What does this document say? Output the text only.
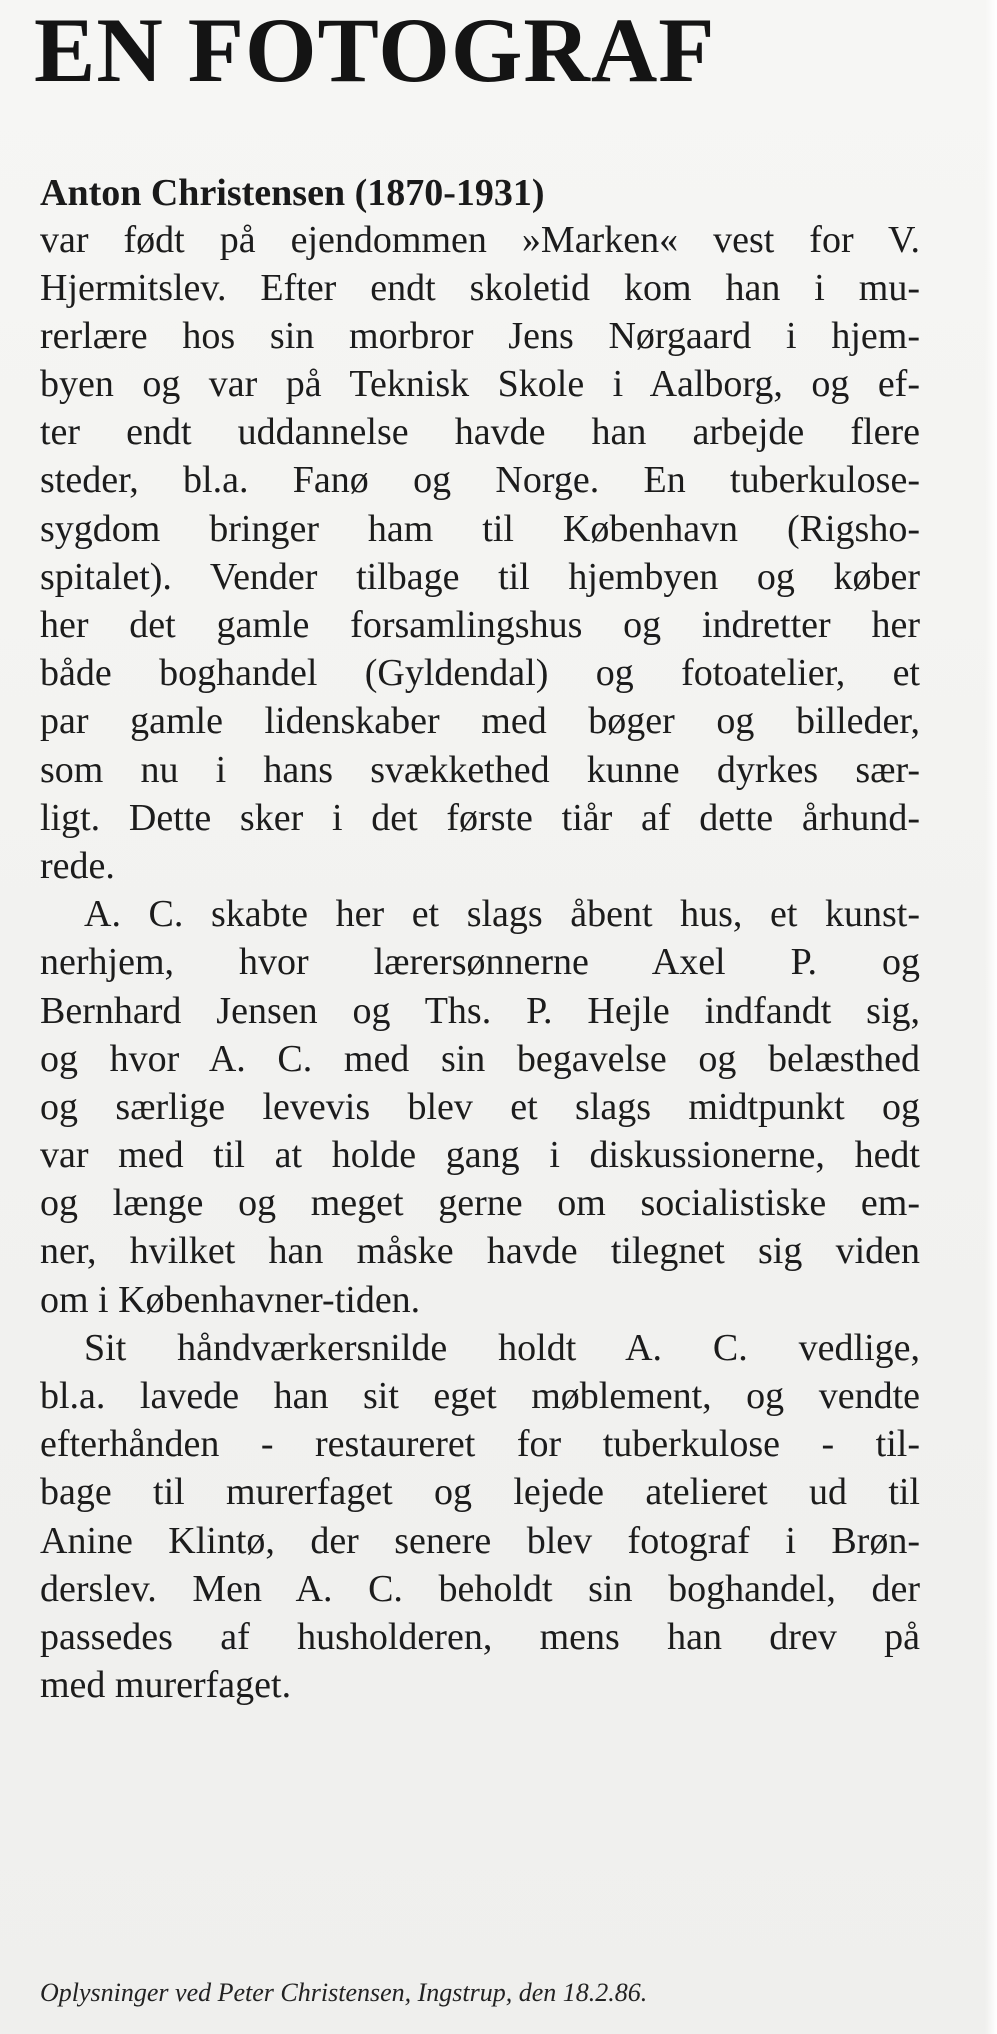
EN FOTOGRAF
Anton Christensen (1870-1931)
var født på ejendommen »Marken« vest for V.
Hjermitslev. Efter endt skoletid kom han i mu-
rerlære hos sin morbror Jens Nørgaard i hjem-
byen og var på Teknisk Skole i Aalborg, og ef-
ter endt uddannelse havde han arbejde flere
steder, bl.a. Fanø og Norge. En tuberkulose-
sygdom bringer ham til København (Rigsho-
spitalet). Vender tilbage til hjembyen og køber
her det gamle forsamlingshus og indretter her
både boghandel (Gyldendal) og fotoatelier, et
par gamle lidenskaber med bøger og billeder,
som nu i hans svækkethed kunne dyrkes sær-
ligt. Dette sker i det første tiår af dette århund-
rede.
A. C. skabte her et slags åbent hus, et kunst-
nerhjem, hvor lærersønnerne Axel P. og
Bernhard Jensen og Ths. P. Hejle indfandt sig,
og hvor A. C. med sin begavelse og belæsthed
og særlige levevis blev et slags midtpunkt og
var med til at holde gang i diskussionerne, hedt
og længe og meget gerne om socialistiske em-
ner, hvilket han måske havde tilegnet sig viden
om i Københavner-tiden.
Sit håndværkersnilde holdt A. C. vedlige,
bl.a. lavede han sit eget møblement, og vendte
efterhånden - restaureret for tuberkulose - til-
bage til murerfaget og lejede atelieret ud til
Anine Klintø, der senere blev fotograf i Brøn-
derslev. Men A. C. beholdt sin boghandel, der
passedes af husholderen, mens han drev på
med murerfaget.
Oplysninger ved Peter Christensen, Ingstrup, den 18.2.86.
